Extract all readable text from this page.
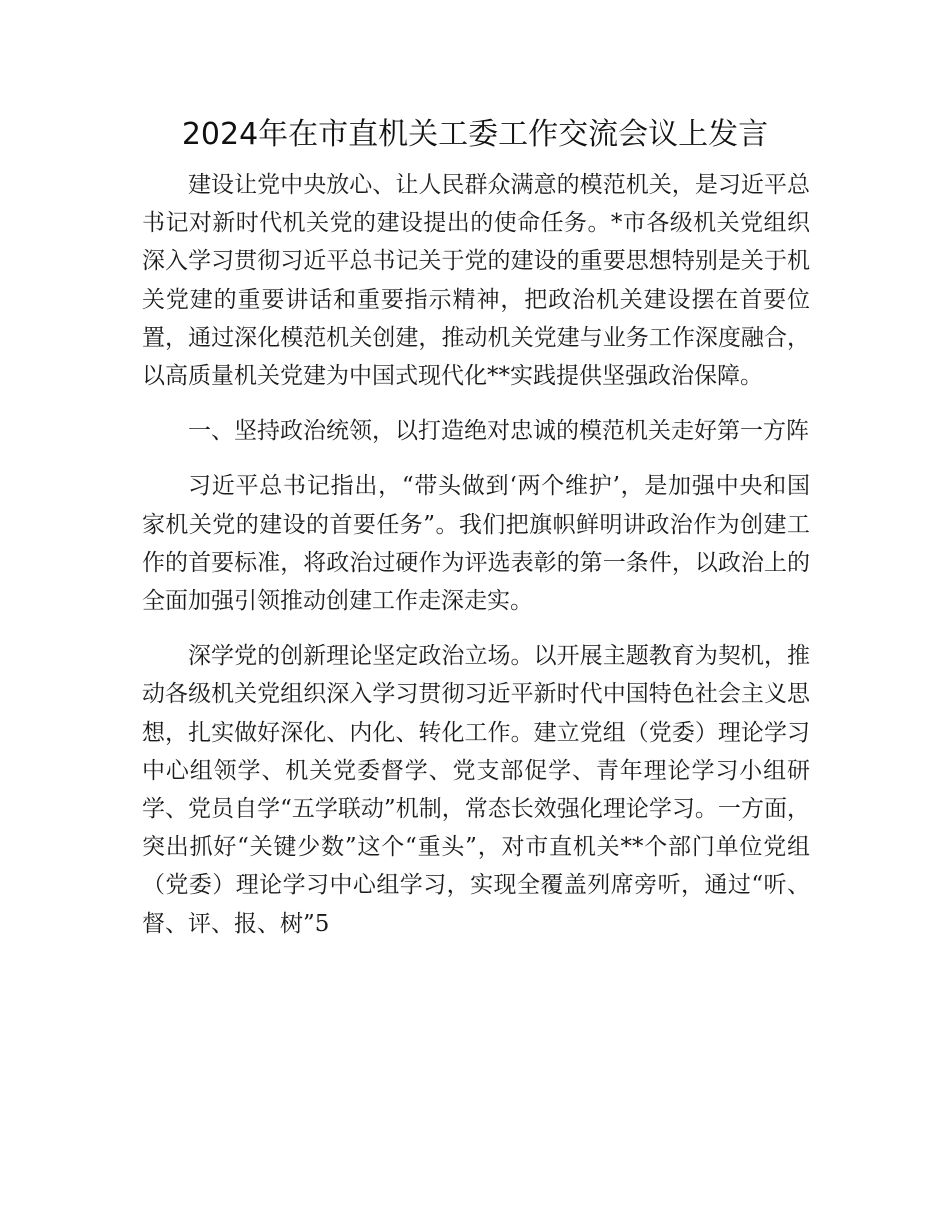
2024年在市直机关工委工作交流会议上发言

建设让党中央放心、让人民群众满意的模范机关，是习近平总书记对新时代机关党的建设提出的使命任务。*市各级机关党组织深入学习贯彻习近平总书记关于党的建设的重要思想特别是关于机关党建的重要讲话和重要指示精神，把政治机关建设摆在首要位置，通过深化模范机关创建，推动机关党建与业务工作深度融合，以高质量机关党建为中国式现代化**实践提供坚强政治保障。

一、坚持政治统领，以打造绝对忠诚的模范机关走好第一方阵

习近平总书记指出，“带头做到‘两个维护’，是加强中央和国家机关党的建设的首要任务”。我们把旗帜鲜明讲政治作为创建工作的首要标准，将政治过硬作为评选表彰的第一条件，以政治上的全面加强引领推动创建工作走深走实。

深学党的创新理论坚定政治立场。以开展主题教育为契机，推动各级机关党组织深入学习贯彻习近平新时代中国特色社会主义思想，扎实做好深化、内化、转化工作。建立党组（党委）理论学习中心组领学、机关党委督学、党支部促学、青年理论学习小组研学、党员自学“五学联动”机制，常态长效强化理论学习。一方面，突出抓好“关键少数”这个“重头”，对市直机关**个部门单位党组（党委）理论学习中心组学习，实现全覆盖列席旁听，通过“听、督、评、报、树”5
